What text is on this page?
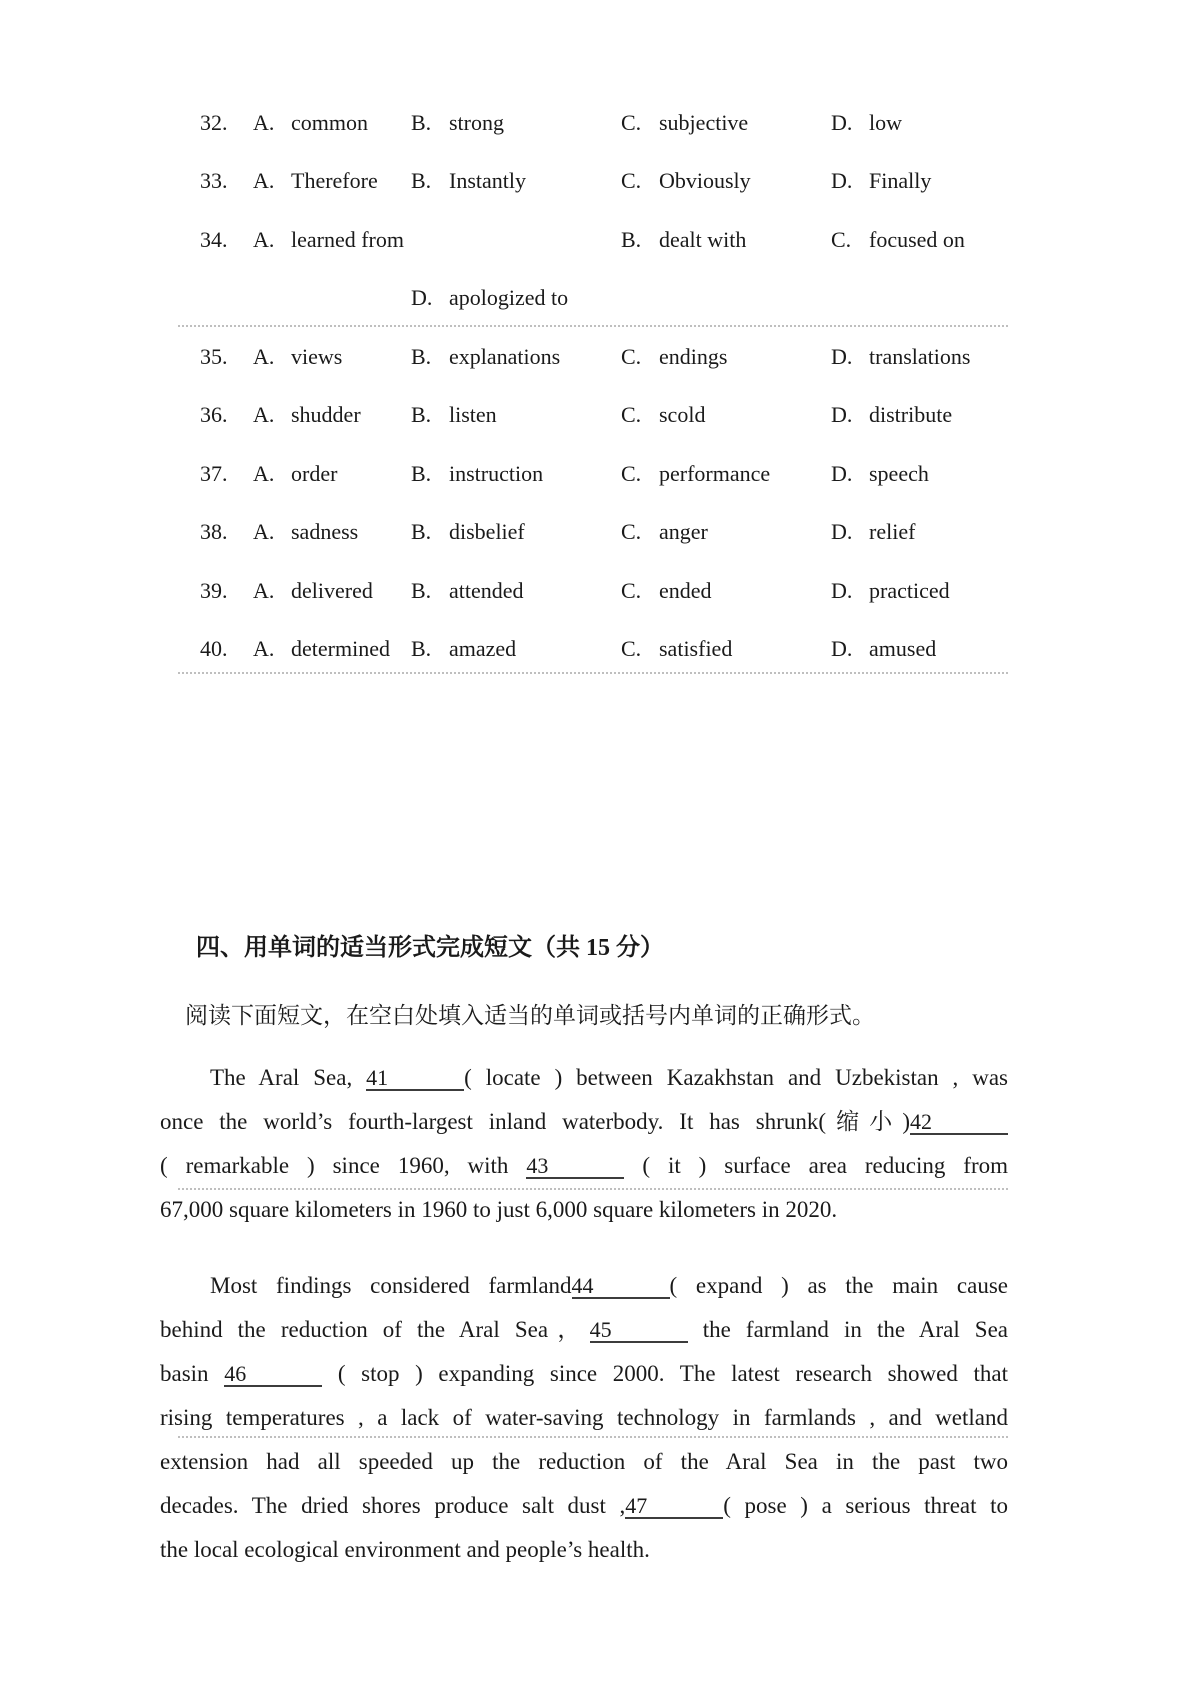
32.	A. common B. strong	C. subjective	D. low
33.	A. Therefore B. Instantly	C. Obviously	D. Finally
34.	A. learned from	B. dealt with	C. focused on
D. apologized to
35.	A. views	B. explanations	C. endings	D. translations
36.	A. shudder B. listen	C. scold	D. distribute
37.	A. order	B. instruction	C. performance	D. speech
38.	A. sadness B. disbelief	C. anger	D. relief
39.	A. delivered B. attended	C. ended	D. practiced
40.	A. determined B. amazed	C. satisfied	D. amused
四、用单词的适当形式完成短文（共 15 分）
阅读下面短文，在空白处填入适当的单词或括号内单词的正确形式。
The Aral Sea, 41	( locate ) between Kazakhstan and Uzbekistan , was
once the world’s fourth-largest inland waterbody. It has shrunk(缩小)42
( remarkable ) since 1960, with 43	( it ) surface area reducing from
67,000 square kilometers in 1960 to just 6,000 square kilometers in 2020.
Most findings considered farmland44	( expand ) as the main cause
behind the reduction of the Aral Sea，45	the farmland in the Aral Sea
basin 46	( stop ) expanding since 2000. The latest research showed that
rising temperatures , a lack of water-saving technology in farmlands , and wetland
extension had all speeded up the reduction of the Aral Sea in the past two
decades. The dried shores produce salt dust ,47	( pose ) a serious threat to
the local ecological environment and people’s health.
